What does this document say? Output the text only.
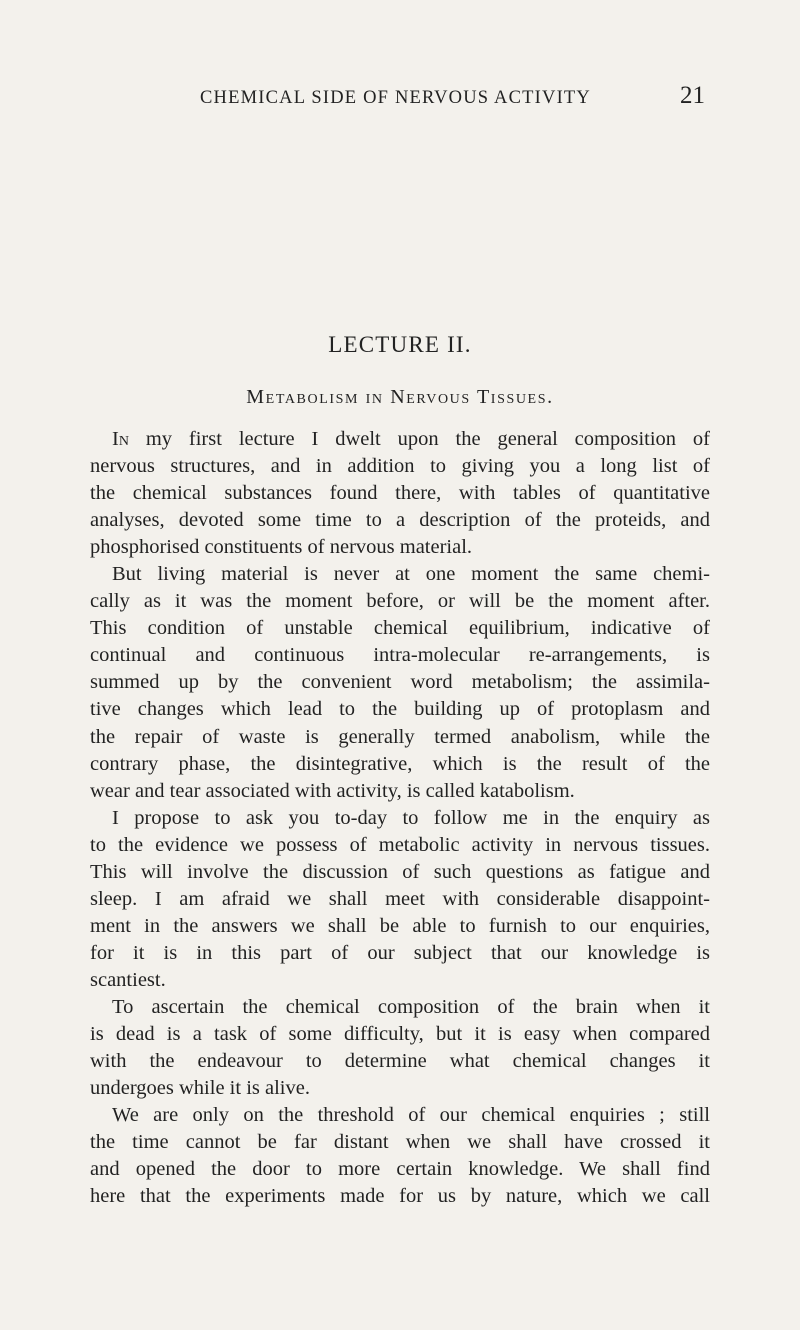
CHEMICAL SIDE OF NERVOUS ACTIVITY	21
LECTURE II.
Metabolism in Nervous Tissues.
In my first lecture I dwelt upon the general composition of
nervous structures, and in addition to giving you a long list of
the chemical substances found there, with tables of quantitative
analyses, devoted some time to a description of the proteids, and
phosphorised constituents of nervous material.
But living material is never at one moment the same chemi-
cally as it was the moment before, or will be the moment after.
This condition of unstable chemical equilibrium, indicative of
continual and continuous intra-molecular re-arrangements, is
summed up by the convenient word metabolism; the assimila-
tive changes which lead to the building up of protoplasm and
the repair of waste is generally termed anabolism, while the
contrary phase, the disintegrative, which is the result of the
wear and tear associated with activity, is called katabolism.
I propose to ask you to-day to follow me in the enquiry as
to the evidence we possess of metabolic activity in nervous tissues.
This will involve the discussion of such questions as fatigue and
sleep. I am afraid we shall meet with considerable disappoint-
ment in the answers we shall be able to furnish to our enquiries,
for it is in this part of our subject that our knowledge is
scantiest.
To ascertain the chemical composition of the brain when it
is dead is a task of some difficulty, but it is easy when compared
with the endeavour to determine what chemical changes it
undergoes while it is alive.
We are only on the threshold of our chemical enquiries ; still
the time cannot be far distant when we shall have crossed it
and opened the door to more certain knowledge. We shall find
here that the experiments made for us by nature, which we call
